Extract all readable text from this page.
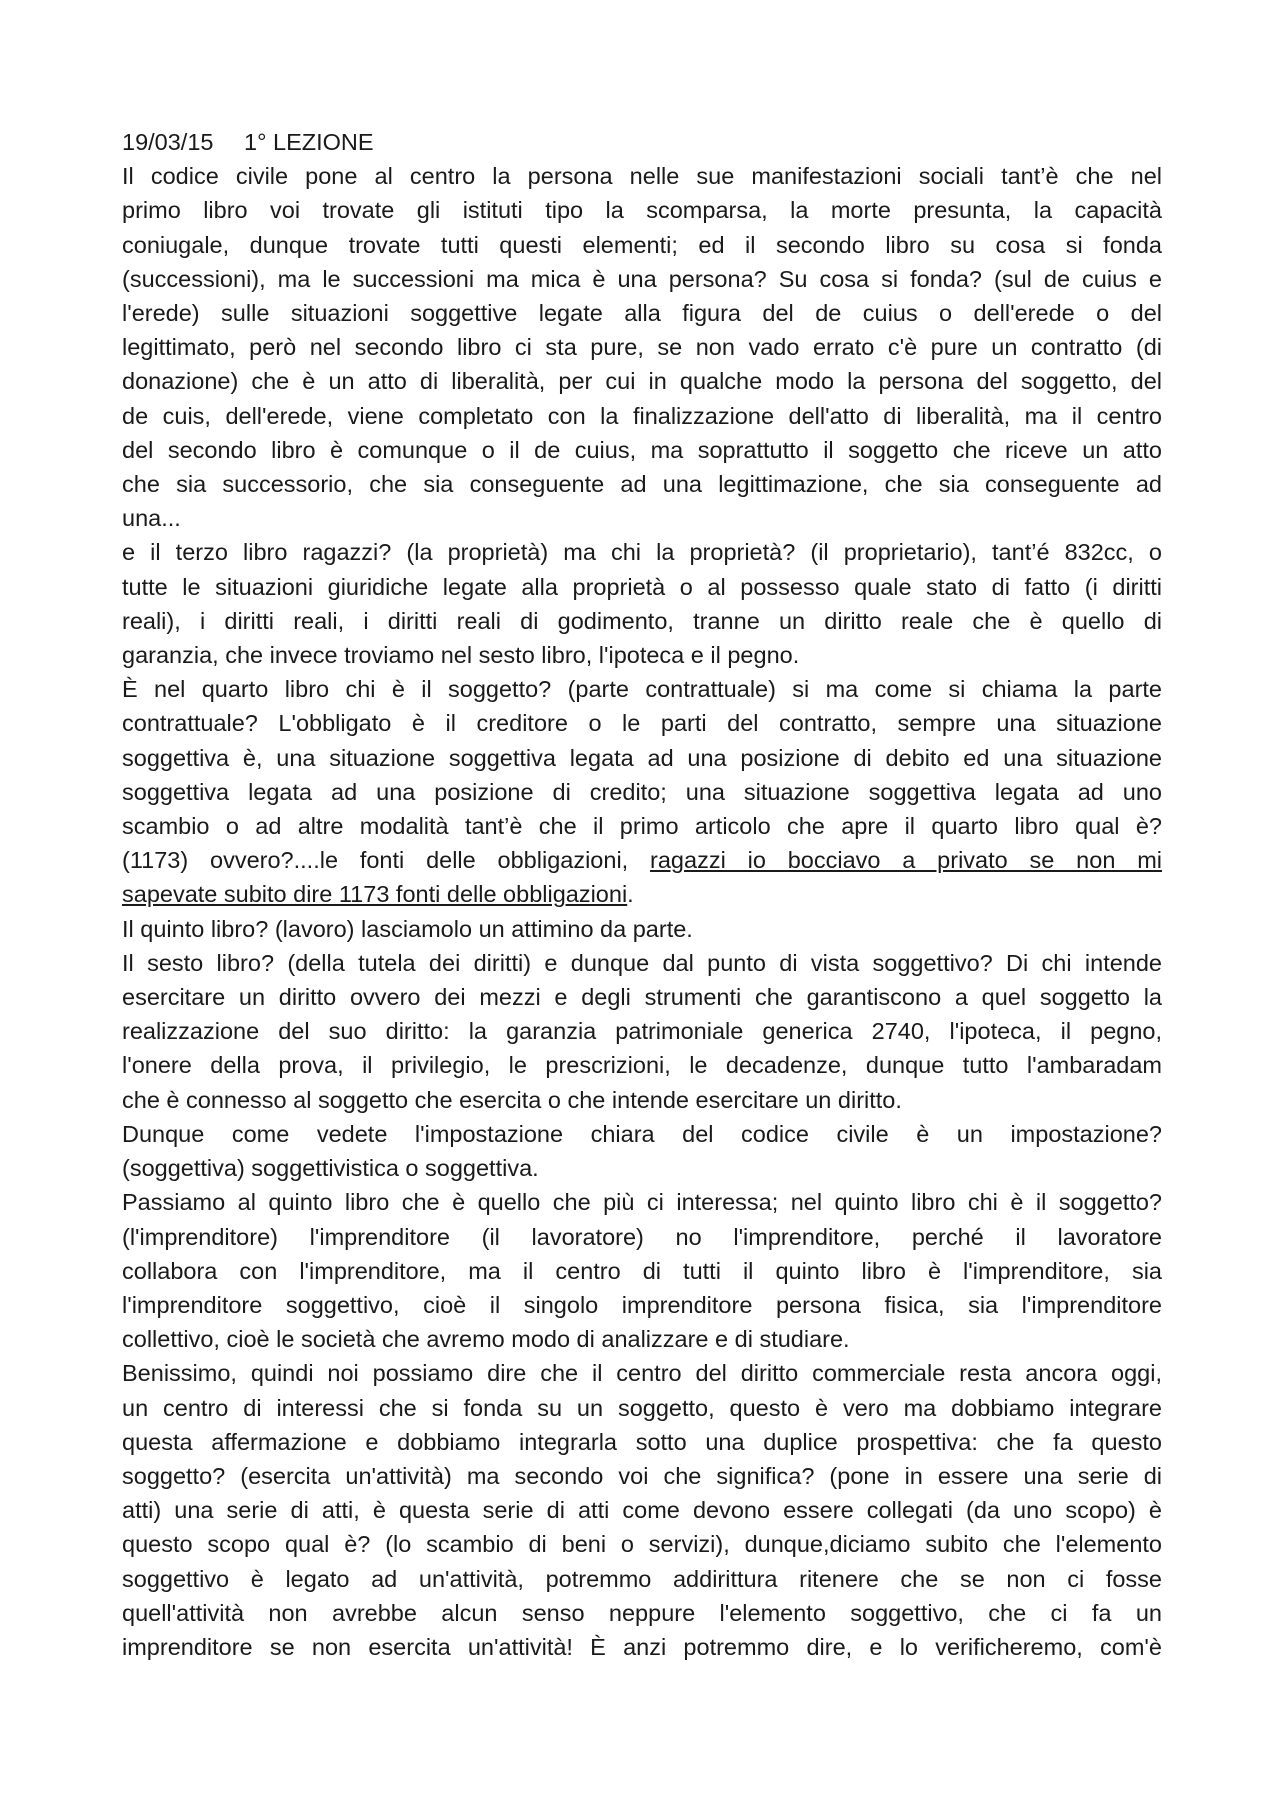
19/03/15 1° LEZIONE
Il codice civile pone al centro la persona nelle sue manifestazioni sociali tant’è che nel
primo libro voi trovate gli istituti tipo la scomparsa, la morte presunta, la capacità
coniugale, dunque trovate tutti questi elementi; ed il secondo libro su cosa si fonda
(successioni), ma le successioni ma mica è una persona? Su cosa si fonda? (sul de cuius e
l'erede) sulle situazioni soggettive legate alla figura del de cuius o dell'erede o del
legittimato, però nel secondo libro ci sta pure, se non vado errato c'è pure un contratto (di
donazione) che è un atto di liberalità, per cui in qualche modo la persona del soggetto, del
de cuis, dell'erede, viene completato con la finalizzazione dell'atto di liberalità, ma il centro
del secondo libro è comunque o il de cuius, ma soprattutto il soggetto che riceve un atto
che sia successorio, che sia conseguente ad una legittimazione, che sia conseguente ad
una...
e il terzo libro ragazzi? (la proprietà) ma chi la proprietà? (il proprietario), tant’é 832cc, o
tutte le situazioni giuridiche legate alla proprietà o al possesso quale stato di fatto (i diritti
reali), i diritti reali, i diritti reali di godimento, tranne un diritto reale che è quello di
garanzia, che invece troviamo nel sesto libro, l'ipoteca e il pegno.
È nel quarto libro chi è il soggetto? (parte contrattuale) si ma come si chiama la parte
contrattuale? L'obbligato è il creditore o le parti del contratto, sempre una situazione
soggettiva è, una situazione soggettiva legata ad una posizione di debito ed una situazione
soggettiva legata ad una posizione di credito; una situazione soggettiva legata ad uno
scambio o ad altre modalità tant’è che il primo articolo che apre il quarto libro qual è?
(1173) ovvero?....le fonti delle obbligazioni, ragazzi io bocciavo a privato se non mi
sapevate subito dire 1173 fonti delle obbligazioni.
Il quinto libro? (lavoro) lasciamolo un attimino da parte.
Il sesto libro? (della tutela dei diritti) e dunque dal punto di vista soggettivo? Di chi intende
esercitare un diritto ovvero dei mezzi e degli strumenti che garantiscono a quel soggetto la
realizzazione del suo diritto: la garanzia patrimoniale generica 2740, l'ipoteca, il pegno,
l'onere della prova, il privilegio, le prescrizioni, le decadenze, dunque tutto l'ambaradam
che è connesso al soggetto che esercita o che intende esercitare un diritto.
Dunque come vedete l'impostazione chiara del codice civile è un impostazione?
(soggettiva) soggettivistica o soggettiva.
Passiamo al quinto libro che è quello che più ci interessa; nel quinto libro chi è il soggetto?
(l'imprenditore) l'imprenditore (il lavoratore) no l'imprenditore, perché il lavoratore
collabora con l'imprenditore, ma il centro di tutti il quinto libro è l'imprenditore, sia
l'imprenditore soggettivo, cioè il singolo imprenditore persona fisica, sia l'imprenditore
collettivo, cioè le società che avremo modo di analizzare e di studiare.
Benissimo, quindi noi possiamo dire che il centro del diritto commerciale resta ancora oggi,
un centro di interessi che si fonda su un soggetto, questo è vero ma dobbiamo integrare
questa affermazione e dobbiamo integrarla sotto una duplice prospettiva: che fa questo
soggetto? (esercita un'attività) ma secondo voi che significa? (pone in essere una serie di
atti) una serie di atti, è questa serie di atti come devono essere collegati (da uno scopo) è
questo scopo qual è? (lo scambio di beni o servizi), dunque,diciamo subito che l'elemento
soggettivo è legato ad un'attività, potremmo addirittura ritenere che se non ci fosse
quell'attività non avrebbe alcun senso neppure l'elemento soggettivo, che ci fa un
imprenditore se non esercita un'attività! È anzi potremmo dire, e lo verificheremo, com'è
